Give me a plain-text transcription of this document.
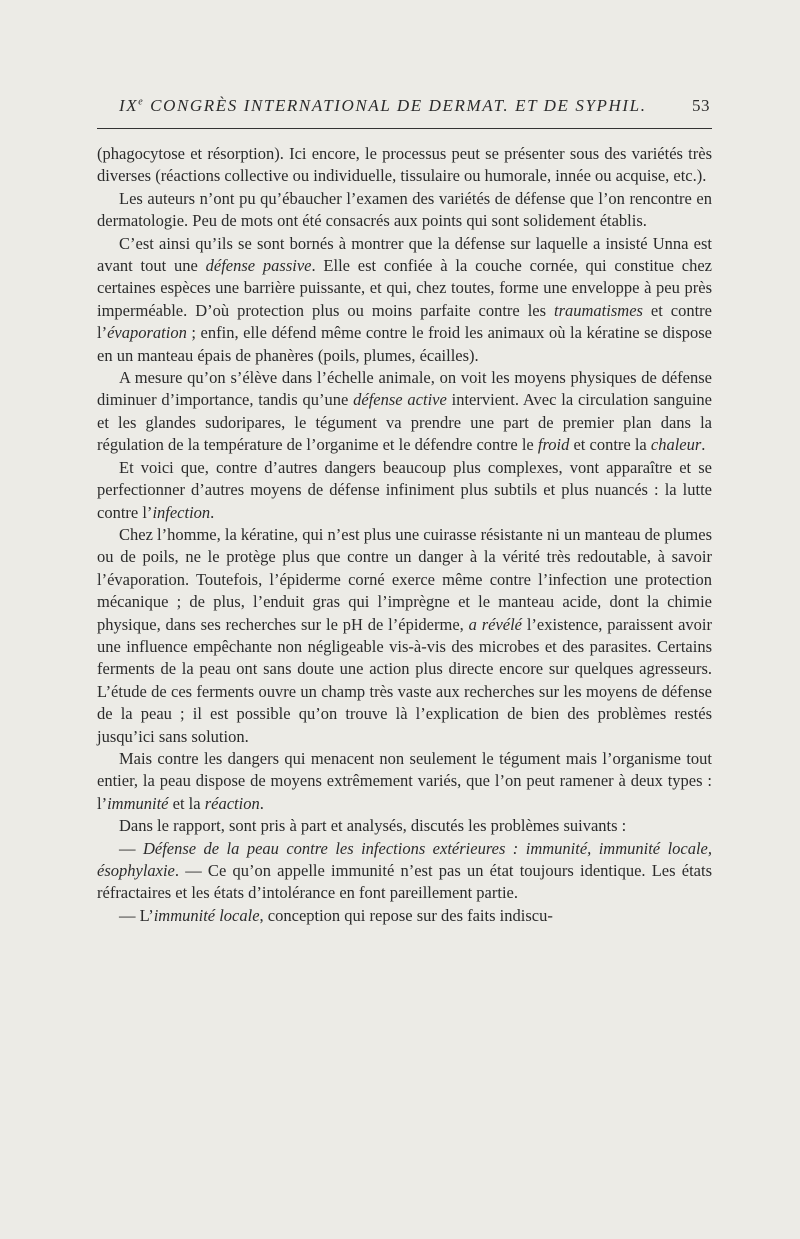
IXe CONGRÈS INTERNATIONAL DE DERMAT. ET DE SYPHIL.	53

(phagocytose et résorption). Ici encore, le processus peut se présenter sous des variétés très diverses (réactions collective ou individuelle, tissulaire ou humorale, innée ou acquise, etc.).

Les auteurs n’ont pu qu’ébaucher l’examen des variétés de défense que l’on rencontre en dermatologie. Peu de mots ont été consacrés aux points qui sont solidement établis.

C’est ainsi qu’ils se sont bornés à montrer que la défense sur laquelle a insisté Unna est avant tout une défense passive. Elle est confiée à la couche cornée, qui constitue chez certaines espèces une barrière puissante, et qui, chez toutes, forme une enveloppe à peu près imperméable. D’où protection plus ou moins parfaite contre les traumatismes et contre l’évaporation ; enfin, elle défend même contre le froid les animaux où la kératine se dispose en un manteau épais de phanères (poils, plumes, écailles).

A mesure qu’on s’élève dans l’échelle animale, on voit les moyens physiques de défense diminuer d’importance, tandis qu’une défense active intervient. Avec la circulation sanguine et les glandes sudoripares, le tégument va prendre une part de premier plan dans la régulation de la température de l’organime et le défendre contre le froid et contre la chaleur.

Et voici que, contre d’autres dangers beaucoup plus complexes, vont apparaître et se perfectionner d’autres moyens de défense infiniment plus subtils et plus nuancés : la lutte contre l’infection.

Chez l’homme, la kératine, qui n’est plus une cuirasse résistante ni un manteau de plumes ou de poils, ne le protège plus que contre un danger à la vérité très redoutable, à savoir l’évaporation. Toutefois, l’épiderme corné exerce même contre l’infection une protection mécanique ; de plus, l’enduit gras qui l’imprègne et le manteau acide, dont la chimie physique, dans ses recherches sur le pH de l’épiderme, a révélé l’existence, paraissent avoir une influence empêchante non négligeable vis-à-vis des microbes et des parasites. Certains ferments de la peau ont sans doute une action plus directe encore sur quelques agresseurs. L’étude de ces ferments ouvre un champ très vaste aux recherches sur les moyens de défense de la peau ; il est possible qu’on trouve là l’explication de bien des problèmes restés jusqu’ici sans solution.

Mais contre les dangers qui menacent non seulement le tégument mais l’organisme tout entier, la peau dispose de moyens extrêmement variés, que l’on peut ramener à deux types : l’immunité et la réaction.

Dans le rapport, sont pris à part et analysés, discutés les problèmes suivants :

— Défense de la peau contre les infections extérieures : immunité, immunité locale, ésophylaxie. — Ce qu’on appelle immunité n’est pas un état toujours identique. Les états réfractaires et les états d’intolérance en font pareillement partie.

— L’immunité locale, conception qui repose sur des faits indiscu-
